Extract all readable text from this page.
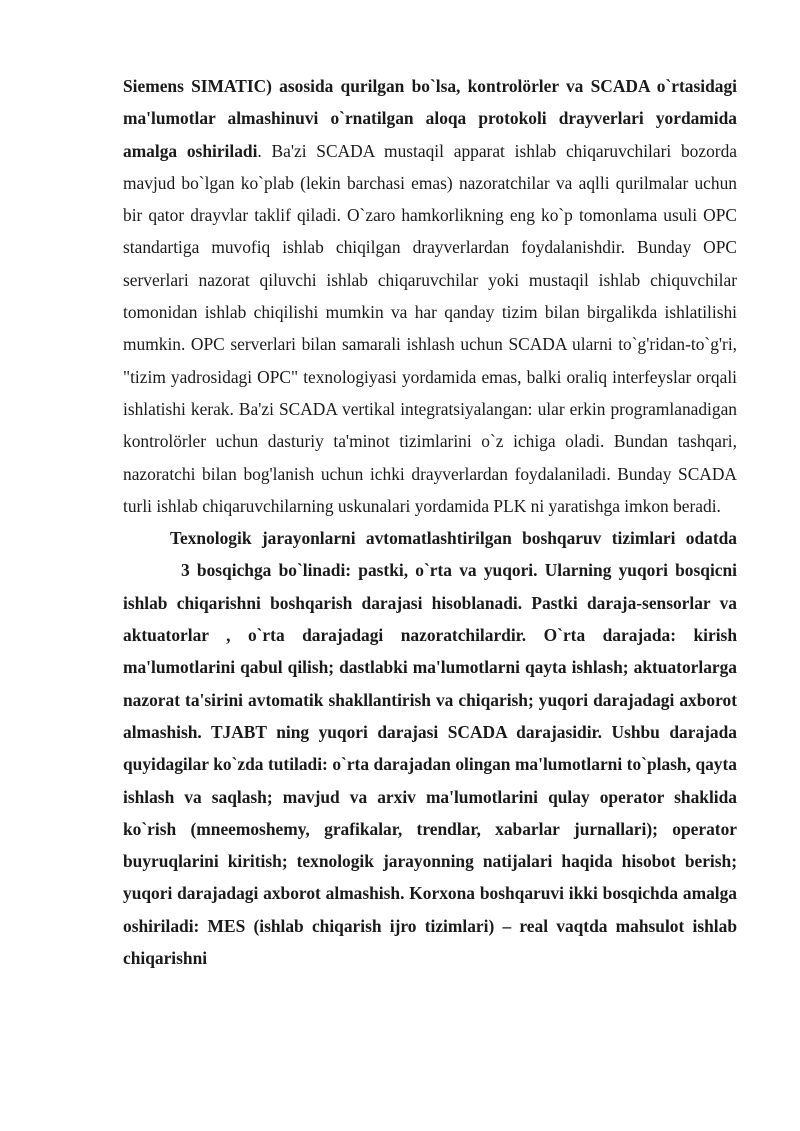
Siemens SIMATIC) asosida qurilgan bo`lsa, kontrolörler va SCADA o`rtasidagi ma'lumotlar almashinuvi o`rnatilgan aloqa protokoli drayverlari yordamida amalga oshiriladi. Ba'zi SCADA mustaqil apparat ishlab chiqaruvchilari bozorda mavjud bo`lgan ko`plab (lekin barchasi emas) nazoratchilar va aqlli qurilmalar uchun bir qator drayvlar taklif qiladi. O`zaro hamkorlikning eng ko`p tomonlama usuli OPC standartiga muvofiq ishlab chiqilgan drayverlardan foydalanishdir. Bunday OPC serverlari nazorat qiluvchi ishlab chiqaruvchilar yoki mustaqil ishlab chiquvchilar tomonidan ishlab chiqilishi mumkin va har qanday tizim bilan birgalikda ishlatilishi mumkin. OPC serverlari bilan samarali ishlash uchun SCADA ularni to`g'ridan-to`g'ri, "tizim yadrosidagi OPC" texnologiyasi yordamida emas, balki oraliq interfeyslar orqali ishlatishi kerak. Ba'zi SCADA vertikal integratsiyalangan: ular erkin programlanadigan kontrolörler uchun dasturiy ta'minot tizimlarini o`z ichiga oladi. Bundan tashqari, nazoratchi bilan bog'lanish uchun ichki drayverlardan foydalaniladi. Bunday SCADA turli ishlab chiqaruvchilarning uskunalari yordamida PLK ni yaratishga imkon beradi.

Texnologik jarayonlarni avtomatlashtirilgan boshqaruv tizimlari odatda3 bosqichga bo`linadi: pastki, o`rta va yuqori. Ularning yuqori bosqicni ishlab chiqarishni boshqarish darajasi hisoblanadi. Pastki daraja-sensorlar va aktuatorlar , o`rta darajadagi nazoratchilardir. O`rta darajada: kirish ma'lumotlarini qabul qilish; dastlabki ma'lumotlarni qayta ishlash; aktuatorlarga nazorat ta'sirini avtomatik shakllantirish va chiqarish; yuqori darajadagi axborot almashish. TJABT ning yuqori darajasi SCADA darajasidir. Ushbu darajada quyidagilar ko`zda tutiladi: o`rta darajadan olingan ma'lumotlarni to`plash, qayta ishlash va saqlash; mavjud va arxiv ma'lumotlarini qulay operator shaklida ko`rish (mneemoshemy, grafikalar, trendlar, xabarlar jurnallari); operator buyruqlarini kiritish; texnologik jarayonning natijalari haqida hisobot berish; yuqori darajadagi axborot almashish. Korxona boshqaruvi ikki bosqichda amalga oshiriladi: MES (ishlab chiqarish ijro tizimlari) – real vaqtda mahsulot ishlab chiqarishni
